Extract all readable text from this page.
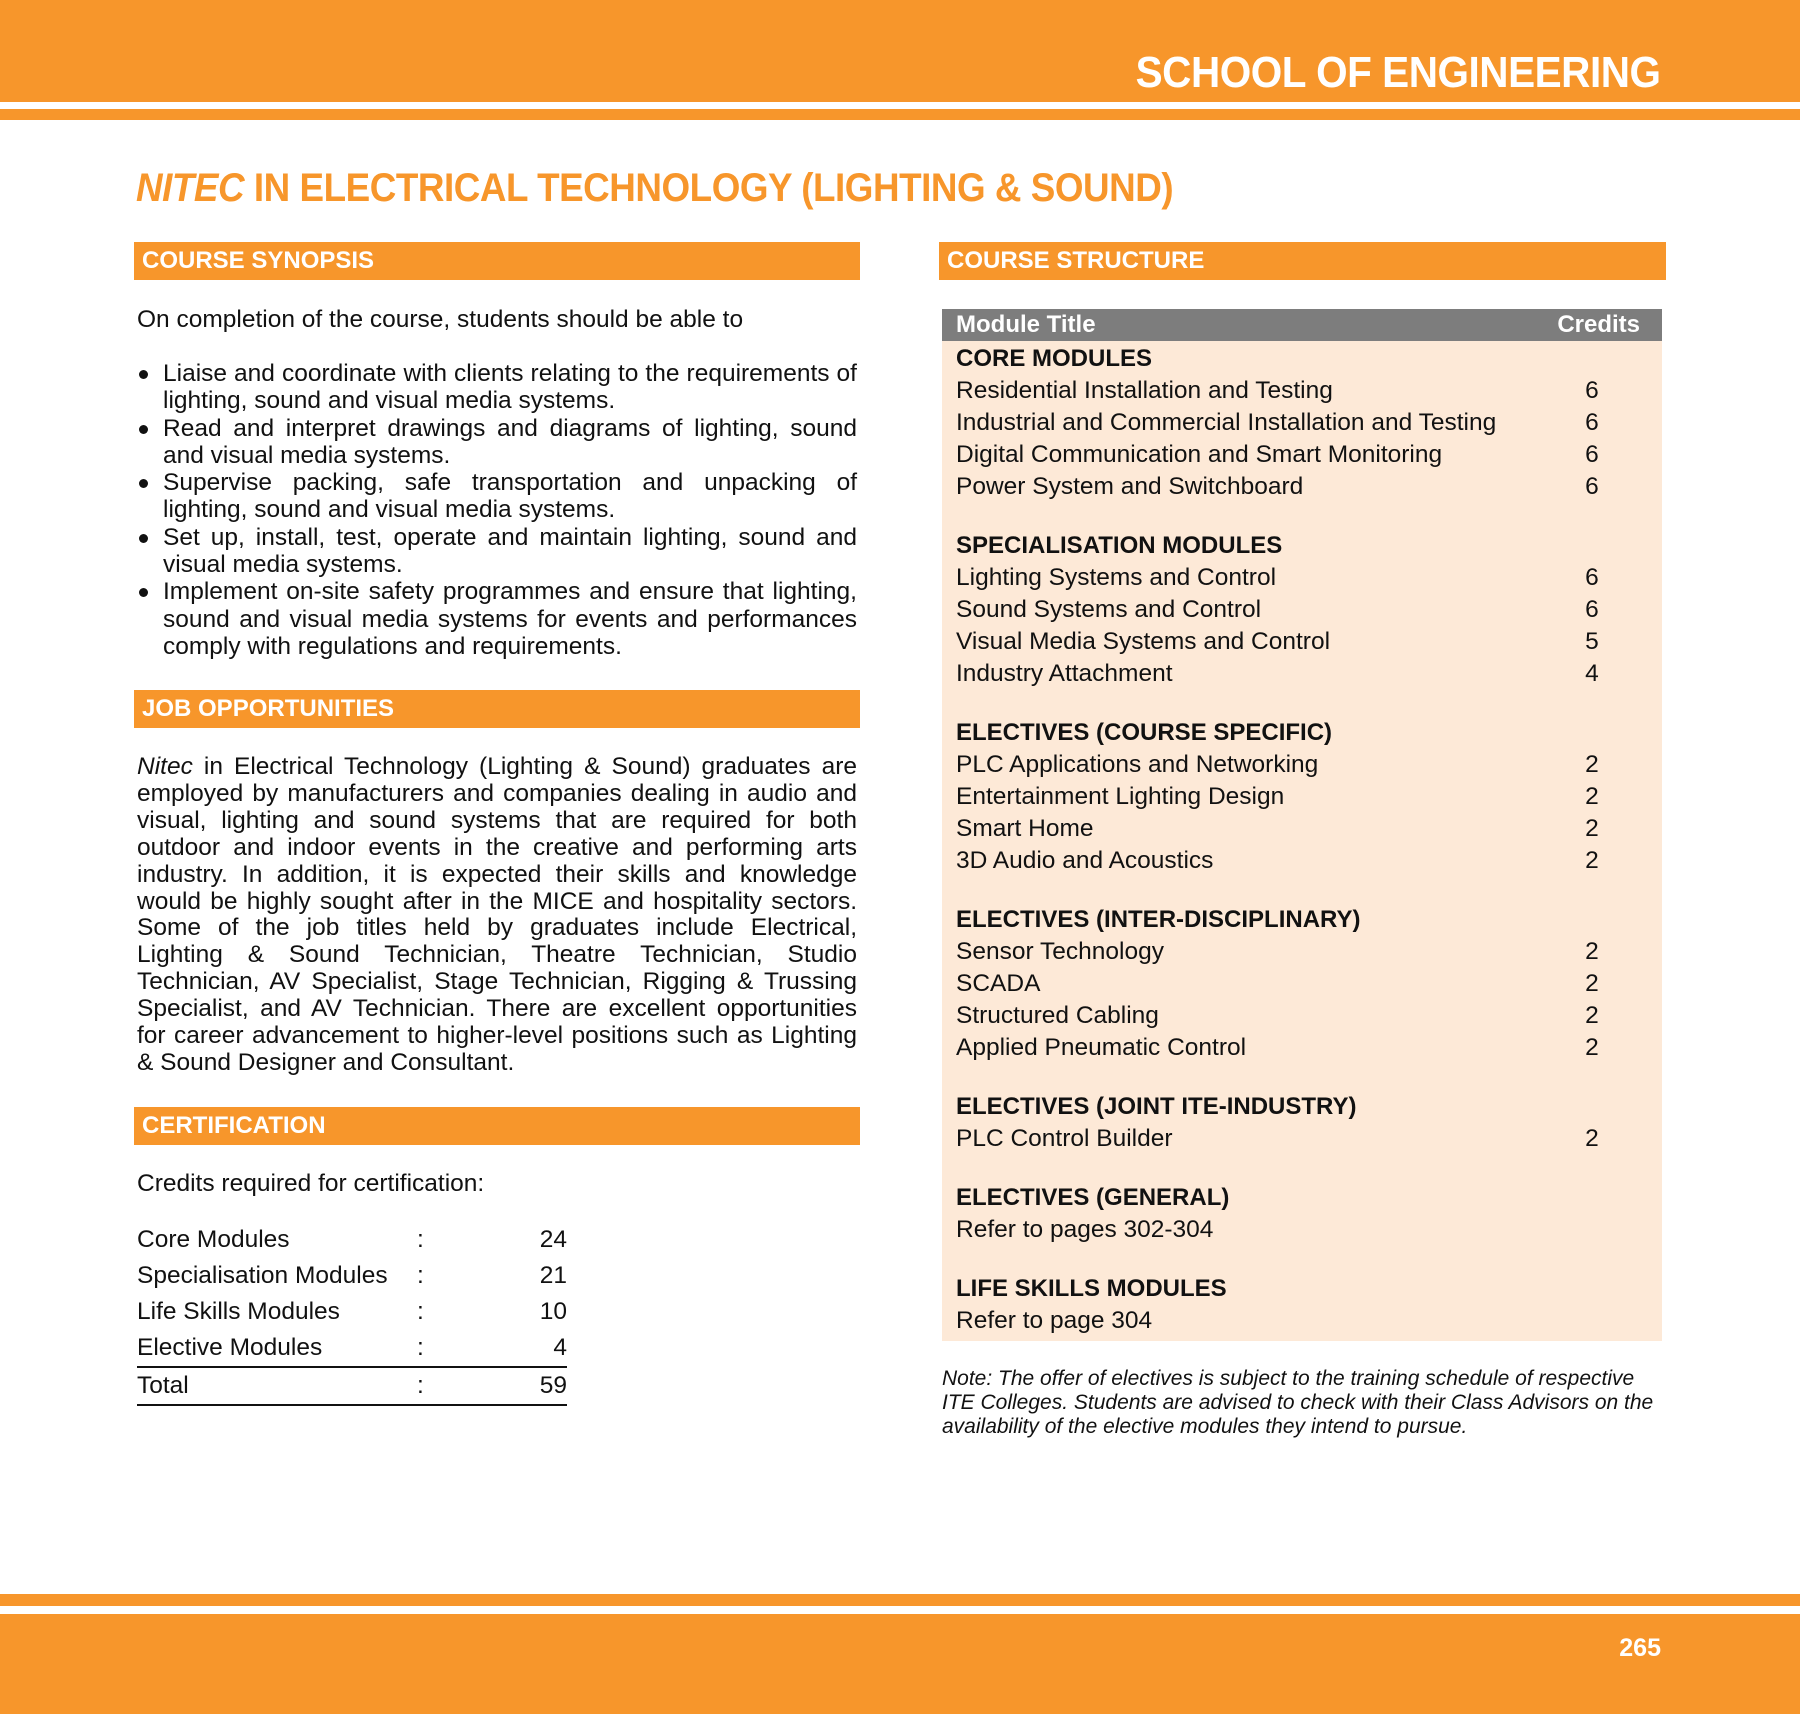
SCHOOL OF ENGINEERING
NITEC IN ELECTRICAL TECHNOLOGY (LIGHTING & SOUND)
COURSE SYNOPSIS
On completion of the course, students should be able to
Liaise and coordinate with clients relating to the requirements of lighting, sound and visual media systems.
Read and interpret drawings and diagrams of lighting, sound and visual media systems.
Supervise packing, safe transportation and unpacking of lighting, sound and visual media systems.
Set up, install, test, operate and maintain lighting, sound and visual media systems.
Implement on-site safety programmes and ensure that lighting, sound and visual media systems for events and performances comply with regulations and requirements.
JOB OPPORTUNITIES
Nitec in Electrical Technology (Lighting & Sound) graduates are employed by manufacturers and companies dealing in audio and visual, lighting and sound systems that are required for both outdoor and indoor events in the creative and performing arts industry. In addition, it is expected their skills and knowledge would be highly sought after in the MICE and hospitality sectors. Some of the job titles held by graduates include Electrical, Lighting & Sound Technician, Theatre Technician, Studio Technician, AV Specialist, Stage Technician, Rigging & Trussing Specialist, and AV Technician. There are excellent opportunities for career advancement to higher-level positions such as Lighting & Sound Designer and Consultant.
CERTIFICATION
Credits required for certification:
Core Modules	:	24
Specialisation Modules	:	21
Life Skills Modules	:	10
Elective Modules	:	4
Total	:	59
COURSE STRUCTURE
Module Title	Credits
CORE MODULES
Residential Installation and Testing	6
Industrial and Commercial Installation and Testing	6
Digital Communication and Smart Monitoring	6
Power System and Switchboard	6
SPECIALISATION MODULES
Lighting Systems and Control	6
Sound Systems and Control	6
Visual Media Systems and Control	5
Industry Attachment	4
ELECTIVES (COURSE SPECIFIC)
PLC Applications and Networking	2
Entertainment Lighting Design	2
Smart Home	2
3D Audio and Acoustics	2
ELECTIVES (INTER-DISCIPLINARY)
Sensor Technology	2
SCADA	2
Structured Cabling	2
Applied Pneumatic Control	2
ELECTIVES (JOINT ITE-INDUSTRY)
PLC Control Builder	2
ELECTIVES (GENERAL)
Refer to pages 302-304
LIFE SKILLS MODULES
Refer to page 304
Note: The offer of electives is subject to the training schedule of respective ITE Colleges. Students are advised to check with their Class Advisors on the availability of the elective modules they intend to pursue.
265
